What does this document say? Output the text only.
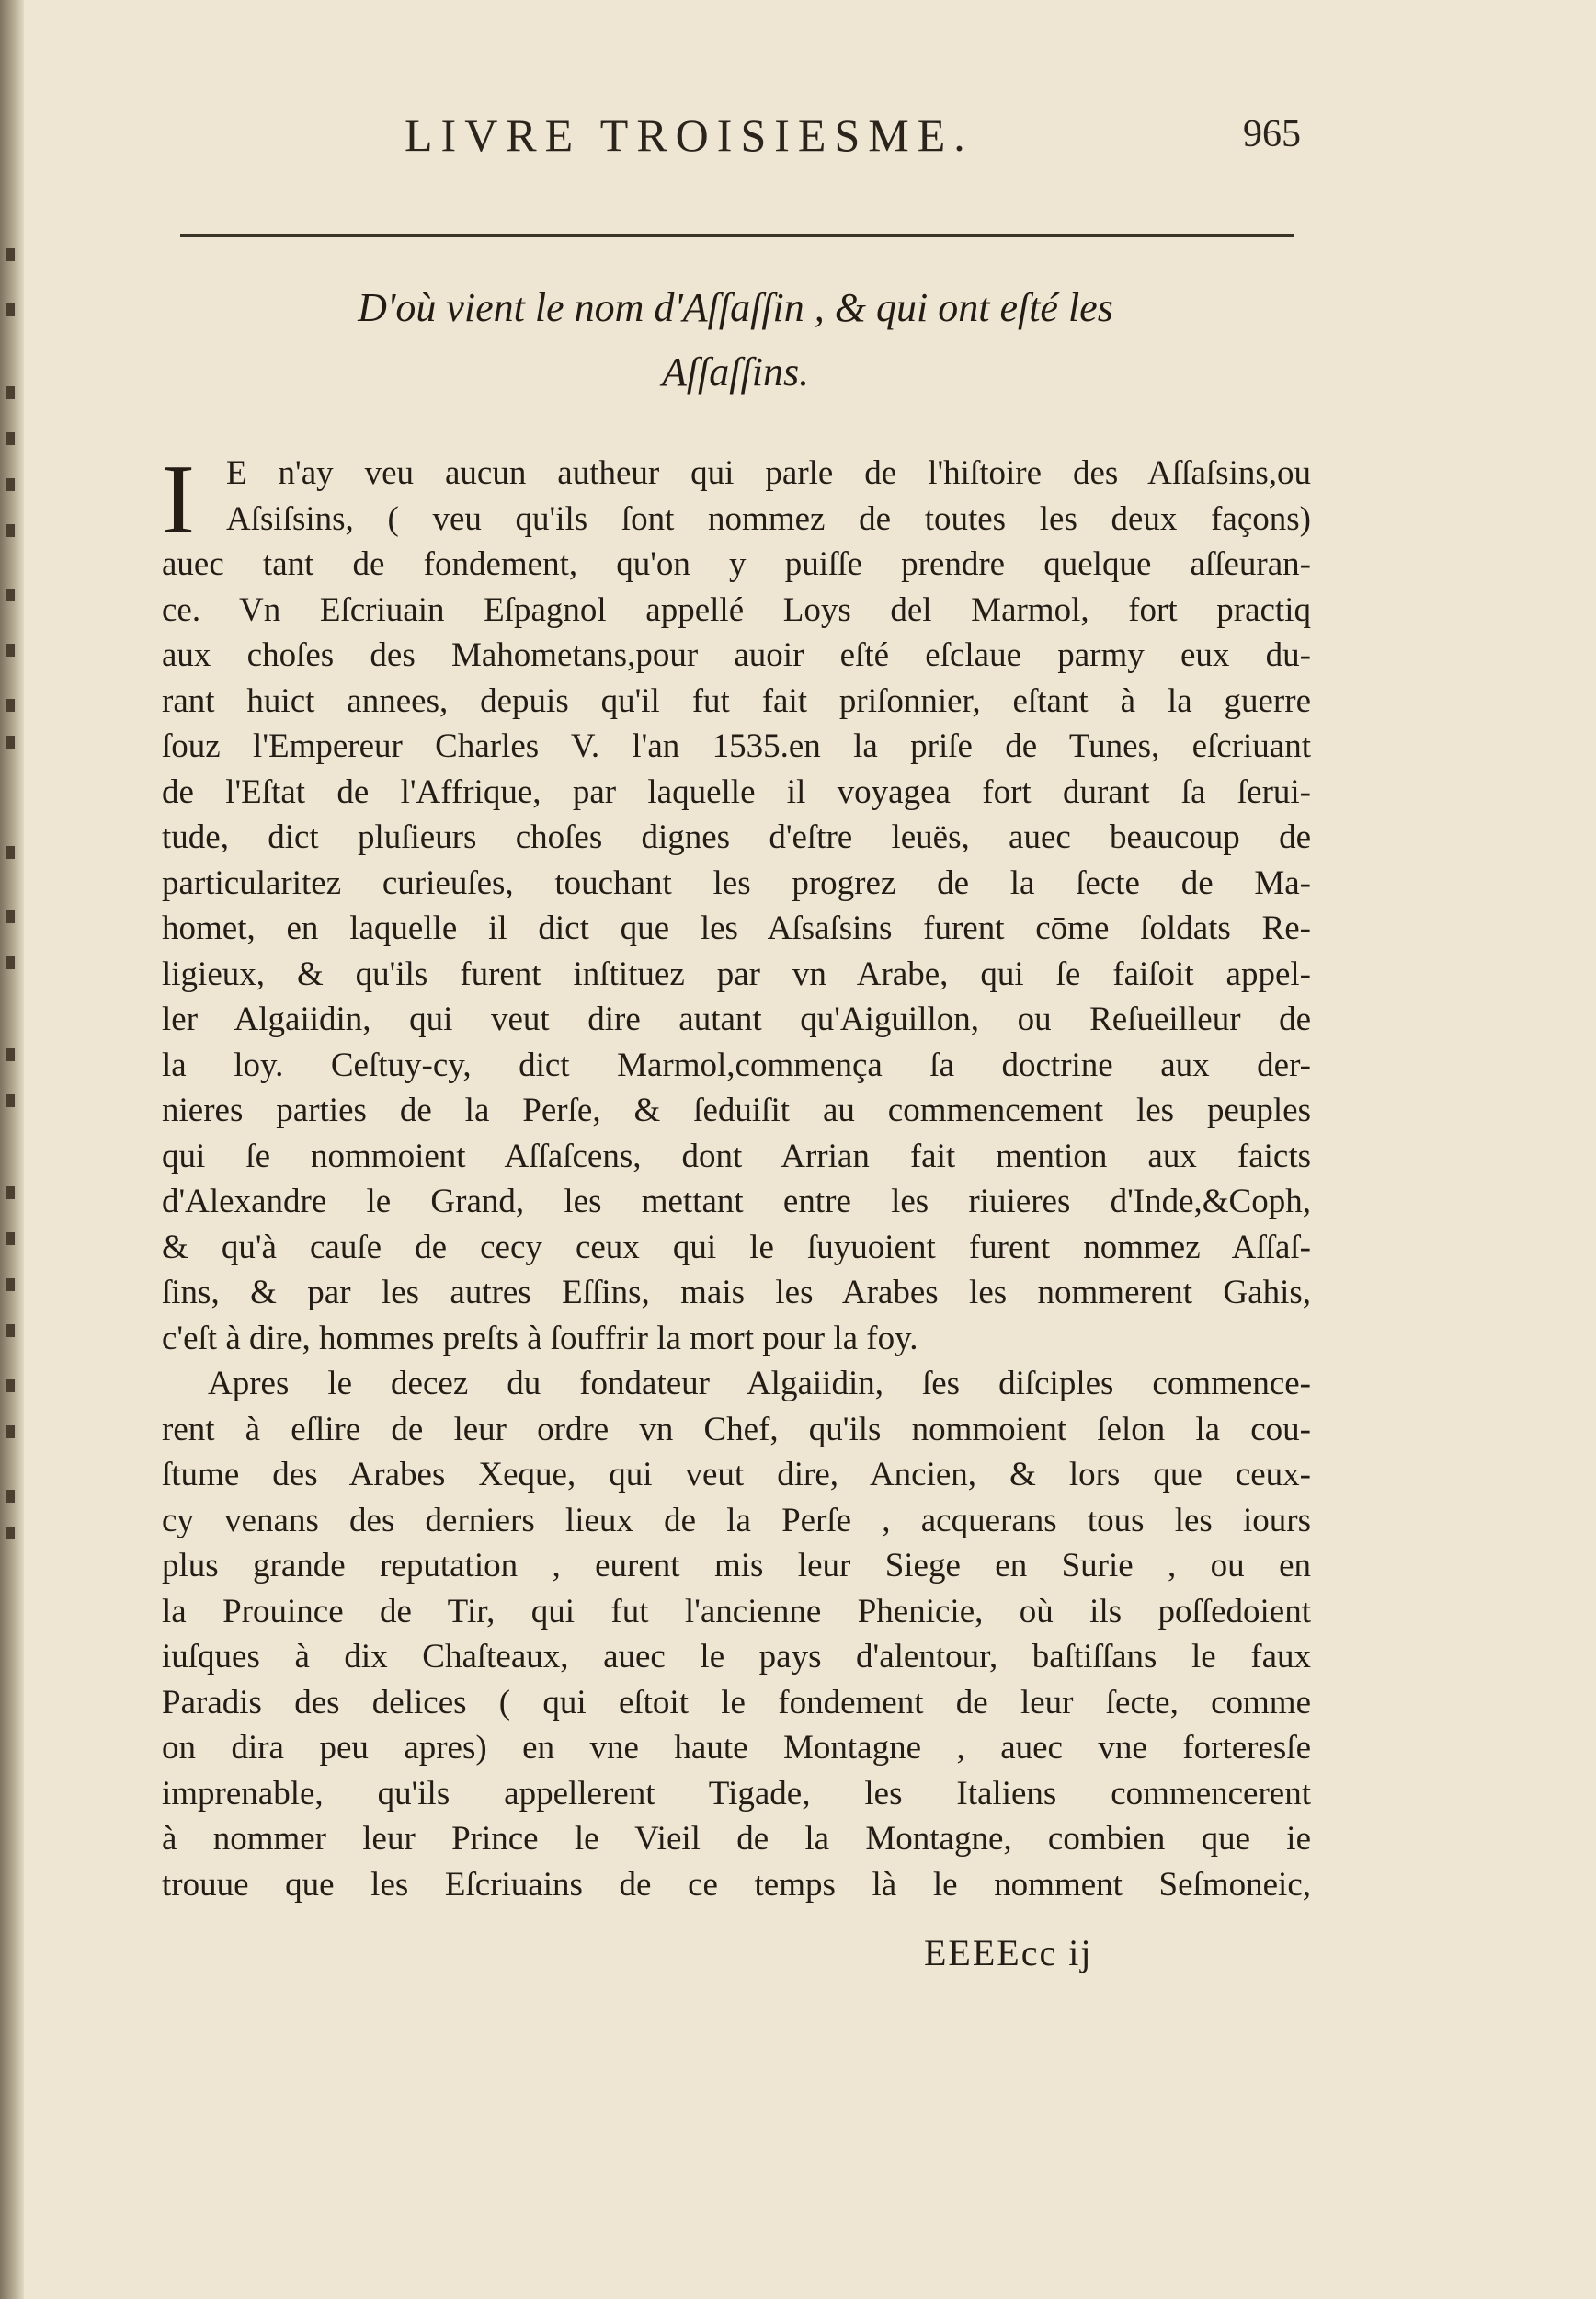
LIVRE TROISIESME.	965
D'où vient le nom d'Aſſaſſin , & qui ont eſté les
Aſſaſſins.
I E n'ay veu aucun autheur qui parle de l'hiſtoire des Aſſaſsins,ou
Aſsiſsins, ( veu qu'ils ſont nommez de toutes les deux façons)
auec tant de fondement, qu'on y puiſſe prendre quelque aſſeuran-
ce. Vn Eſcriuain Eſpagnol appellé Loys del Marmol, fort practiq
aux choſes des Mahometans,pour auoir eſté eſclaue parmy eux du-
rant huict annees, depuis qu'il fut fait priſonnier, eſtant à la guerre
ſouz l'Empereur Charles V. l'an 1535.en la priſe de Tunes, eſcriuant
de l'Eſtat de l'Affrique, par laquelle il voyagea fort durant ſa ſerui-
tude, dict pluſieurs choſes dignes d'eſtre leuës, auec beaucoup de
particularitez curieuſes, touchant les progrez de la ſecte de Ma-
homet, en laquelle il dict que les Aſsaſsins furent cōme ſoldats Re-
ligieux, & qu'ils furent inſtituez par vn Arabe, qui ſe faiſoit appel-
ler Algaiidin, qui veut dire autant qu'Aiguillon, ou Reſueilleur de
la loy. Ceſtuy-cy, dict Marmol,commença ſa doctrine aux der-
nieres parties de la Perſe, & ſeduiſit au commencement les peuples
qui ſe nommoient Aſſaſcens, dont Arrian fait mention aux faicts
d'Alexandre le Grand, les mettant entre les riuieres d'Inde,&Coph,
& qu'à cauſe de cecy ceux qui le ſuyuoient furent nommez Aſſaſ-
ſins, & par les autres Eſſins, mais les Arabes les nommerent Gahis,
c'eſt à dire, hommes preſts à ſouffrir la mort pour la foy.
Apres le decez du fondateur Algaiidin, ſes diſciples commence-
rent à eſlire de leur ordre vn Chef, qu'ils nommoient ſelon la cou-
ſtume des Arabes Xeque, qui veut dire, Ancien, & lors que ceux-
cy venans des derniers lieux de la Perſe , acquerans tous les iours
plus grande reputation , eurent mis leur Siege en Surie , ou en
la Prouince de Tir, qui fut l'ancienne Phenicie, où ils poſſedoient
iuſques à dix Chaſteaux, auec le pays d'alentour, baſtiſſans le faux
Paradis des delices ( qui eſtoit le fondement de leur ſecte, comme
on dira peu apres) en vne haute Montagne , auec vne forteresſe
imprenable, qu'ils appellerent Tigade, les Italiens commencerent
à nommer leur Prince le Vieil de la Montagne, combien que ie
trouue que les Eſcriuains de ce temps là le nomment Seſmoneic,
EEEEcc ij
